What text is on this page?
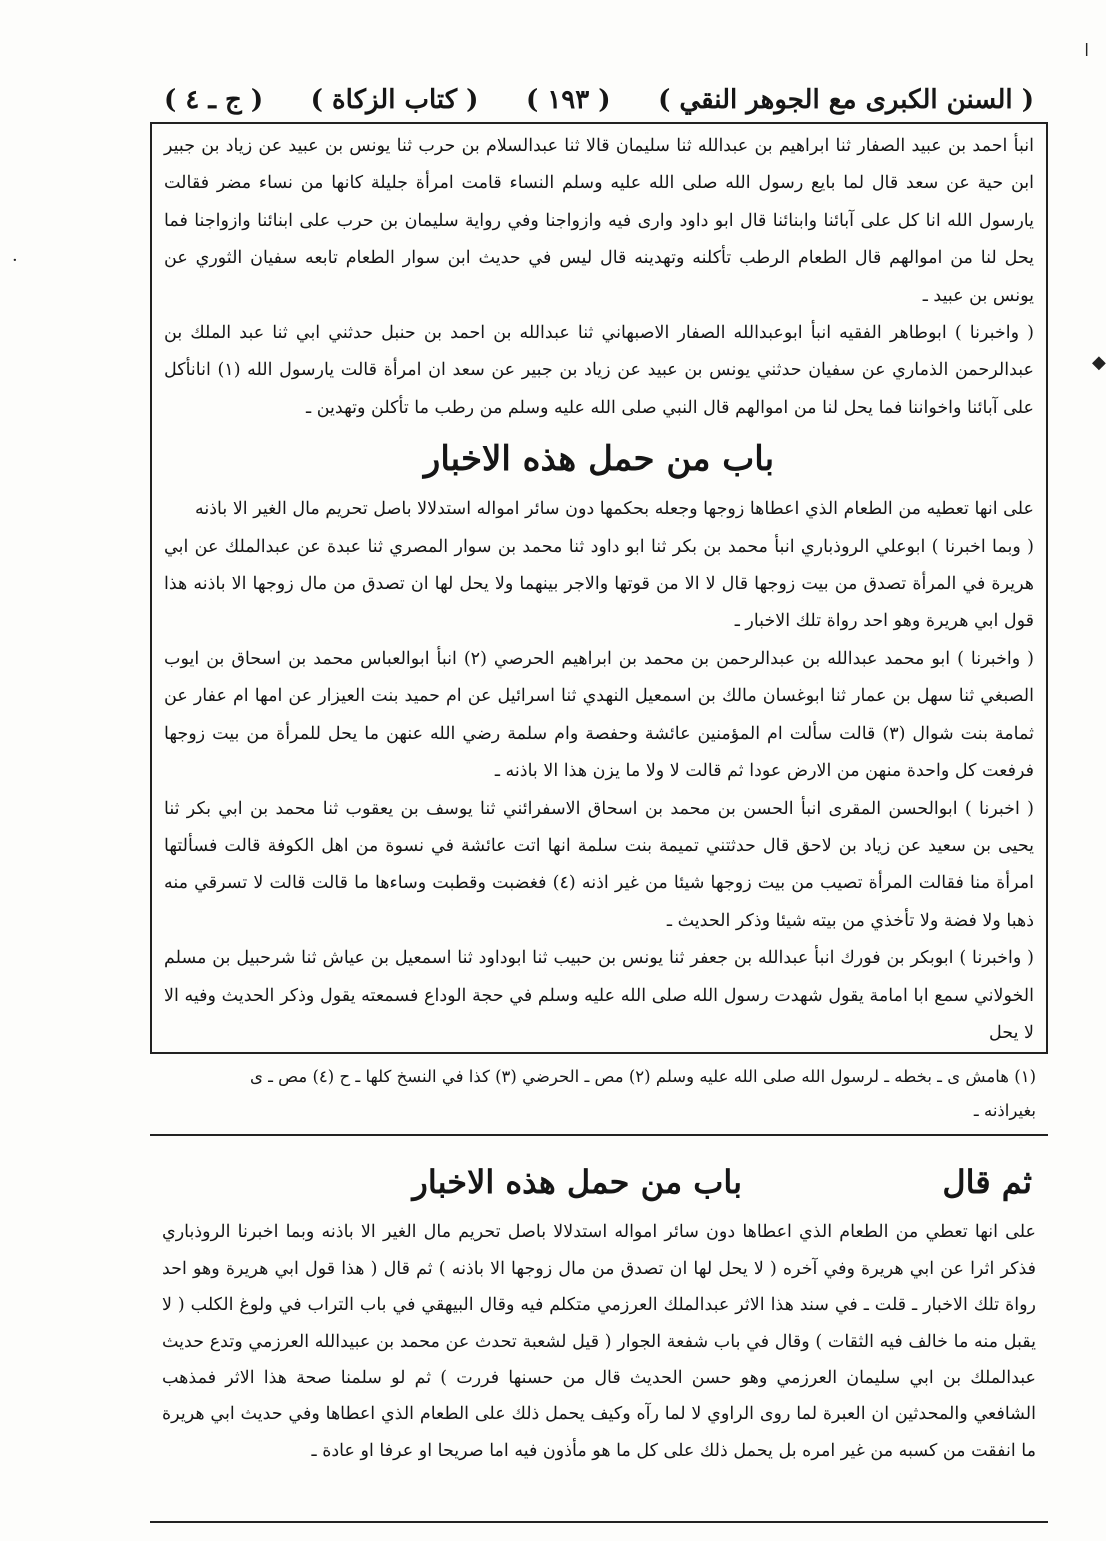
ǀ
◆
·
( السنن الكبرى مع الجوهر النقي )
( ١٩٣ )
( كتاب الزكاة )
( ج ـ ٤ )

انبأ احمد بن عبيد الصفار ثنا ابراهيم بن عبدالله ثنا سليمان قالا ثنا عبدالسلام بن حرب ثنا يونس بن عبيد عن زياد بن جبير ابن حية عن سعد قال لما بايع رسول الله صلى الله عليه وسلم النساء قامت امرأة جليلة كانها من نساء مضر فقالت يارسول الله انا كل على آبائنا وابنائنا قال ابو داود وارى فيه وازواجنا وفي رواية سليمان بن حرب على ابنائنا وازواجنا فما يحل لنا من اموالهم قال الطعام الرطب تأكلنه وتهدينه قال ليس في حديث ابن سوار الطعام تابعه سفيان الثوري عن يونس بن عبيد ـ

( واخبرنا ) ابوطاهر الفقيه انبأ ابوعبدالله الصفار الاصبهاني ثنا عبدالله بن احمد بن حنبل حدثني ابي ثنا عبد الملك بن عبدالرحمن الذماري عن سفيان حدثني يونس بن عبيد عن زياد بن جبير عن سعد ان امرأة قالت يارسول الله (١) انانأكل على آبائنا واخواننا فما يحل لنا من اموالهم قال النبي صلى الله عليه وسلم من رطب ما تأكلن وتهدين ـ

باب من حمل هذه الاخبار

على انها تعطيه من الطعام الذي اعطاها زوجها وجعله بحكمها دون سائر امواله استدلالا باصل تحريم مال الغير الا باذنه

( وبما اخبرنا ) ابوعلي الروذباري انبأ محمد بن بكر ثنا ابو داود ثنا محمد بن سوار المصري ثنا عبدة عن عبدالملك عن ابي هريرة في المرأة تصدق من بيت زوجها قال لا الا من قوتها والاجر بينهما ولا يحل لها ان تصدق من مال زوجها الا باذنه هذا قول ابي هريرة وهو احد رواة تلك الاخبار ـ

( واخبرنا ) ابو محمد عبدالله بن عبدالرحمن بن محمد بن ابراهيم الحرصي (٢) انبأ ابوالعباس محمد بن اسحاق بن ايوب الصبغي ثنا سهل بن عمار ثنا ابوغسان مالك بن اسمعيل النهدي ثنا اسرائيل عن ام حميد بنت العيزار عن امها ام عفار عن ثمامة بنت شوال (٣) قالت سألت ام المؤمنين عائشة وحفصة وام سلمة رضي الله عنهن ما يحل للمرأة من بيت زوجها فرفعت كل واحدة منهن من الارض عودا ثم قالت لا ولا ما يزن هذا الا باذنه ـ

( اخبرنا ) ابوالحسن المقرى انبأ الحسن بن محمد بن اسحاق الاسفرائني ثنا يوسف بن يعقوب ثنا محمد بن ابي بكر ثنا يحيى بن سعيد عن زياد بن لاحق قال حدثتني تميمة بنت سلمة انها اتت عائشة في نسوة من اهل الكوفة قالت فسألتها امرأة منا فقالت المرأة تصيب من بيت زوجها شيئا من غير اذنه (٤) فغضبت وقطبت وساءها ما قالت قالت لا تسرقي منه ذهبا ولا فضة ولا تأخذي من بيته شيئا وذكر الحديث ـ

( واخبرنا ) ابوبكر بن فورك انبأ عبدالله بن جعفر ثنا يونس بن حبيب ثنا ابوداود ثنا اسمعيل بن عياش ثنا شرحبيل بن مسلم الخولاني سمع ابا امامة يقول شهدت رسول الله صلى الله عليه وسلم في حجة الوداع فسمعته يقول وذكر الحديث وفيه الا لا يحل

(١) هامش ى ـ بخطه ـ لرسول الله صلى الله عليه وسلم (٢) مص ـ الحرضي (٣) كذا في النسخ كلها ـ ح (٤) مص ـ ى

بغيراذنه ـ

ثم قال
باب من حمل هذه الاخبار

على انها تعطي من الطعام الذي اعطاها دون سائر امواله استدلالا باصل تحريم مال الغير الا باذنه وبما اخبرنا الروذباري فذكر اثرا عن ابي هريرة وفي آخره ( لا يحل لها ان تصدق من مال زوجها الا باذنه ) ثم قال ( هذا قول ابي هريرة وهو احد رواة تلك الاخبار ـ قلت ـ في سند هذا الاثر عبدالملك العرزمي متكلم فيه وقال البيهقي في باب التراب في ولوغ الكلب ( لا يقبل منه ما خالف فيه الثقات ) وقال في باب شفعة الجوار ( قيل لشعبة تحدث عن محمد بن عبيدالله العرزمي وتدع حديث عبدالملك بن ابي سليمان العرزمي وهو حسن الحديث قال من حسنها فررت ) ثم لو سلمنا صحة هذا الاثر فمذهب الشافعي والمحدثين ان العبرة لما روى الراوي لا لما رآه وكيف يحمل ذلك على الطعام الذي اعطاها وفي حديث ابي هريرة ما انفقت من كسبه من غير امره بل يحمل ذلك على كل ما هو مأذون فيه اما صريحا او عرفا او عادة ـ
